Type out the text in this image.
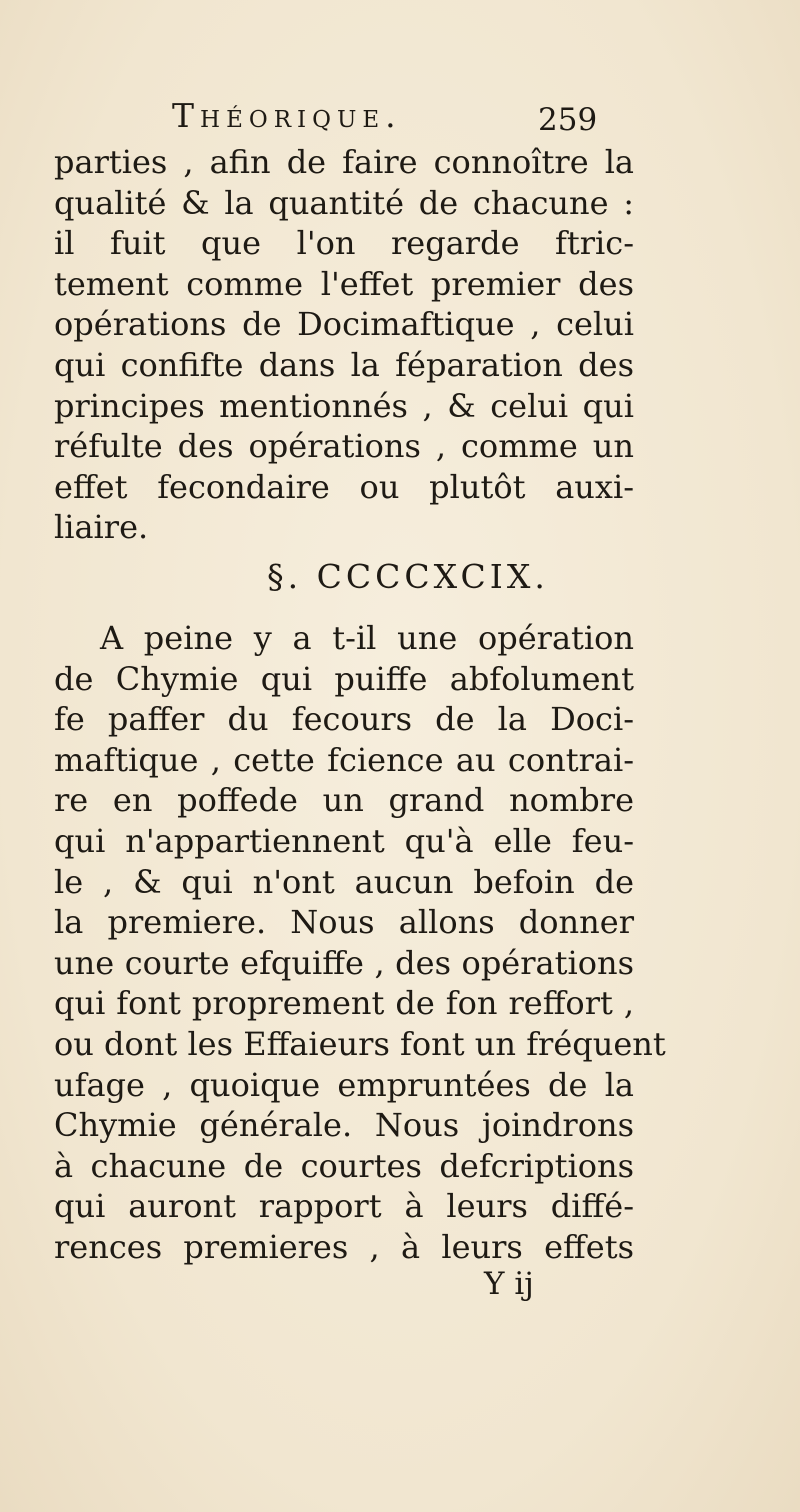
Théorique.	259
parties , afin de faire connoître la
qualité & la quantité de chacune :
il fuit que l'on regarde ftric-
tement comme l'effet premier des
opérations de Docimaftique , celui
qui confifte dans la féparation des
principes mentionnés , & celui qui
réfulte des opérations , comme un
effet fecondaire ou plutôt auxi-
liaire.
§. CCCCXCIX.
A peine y a t-il une opération
de Chymie qui puiffe abfolument
fe paffer du fecours de la Doci-
maftique , cette fcience au contrai-
re en poffede un grand nombre
qui n'appartiennent qu'à elle feu-
le , & qui n'ont aucun befoin de
la premiere. Nous allons donner
une courte efquiffe , des opérations
qui font proprement de fon reffort ,
ou dont les Effaieurs font un fréquent
ufage , quoique empruntées de la
Chymie générale. Nous joindrons
à chacune de courtes defcriptions
qui auront rapport à leurs diffé-
rences premieres , à leurs effets
Y ij
